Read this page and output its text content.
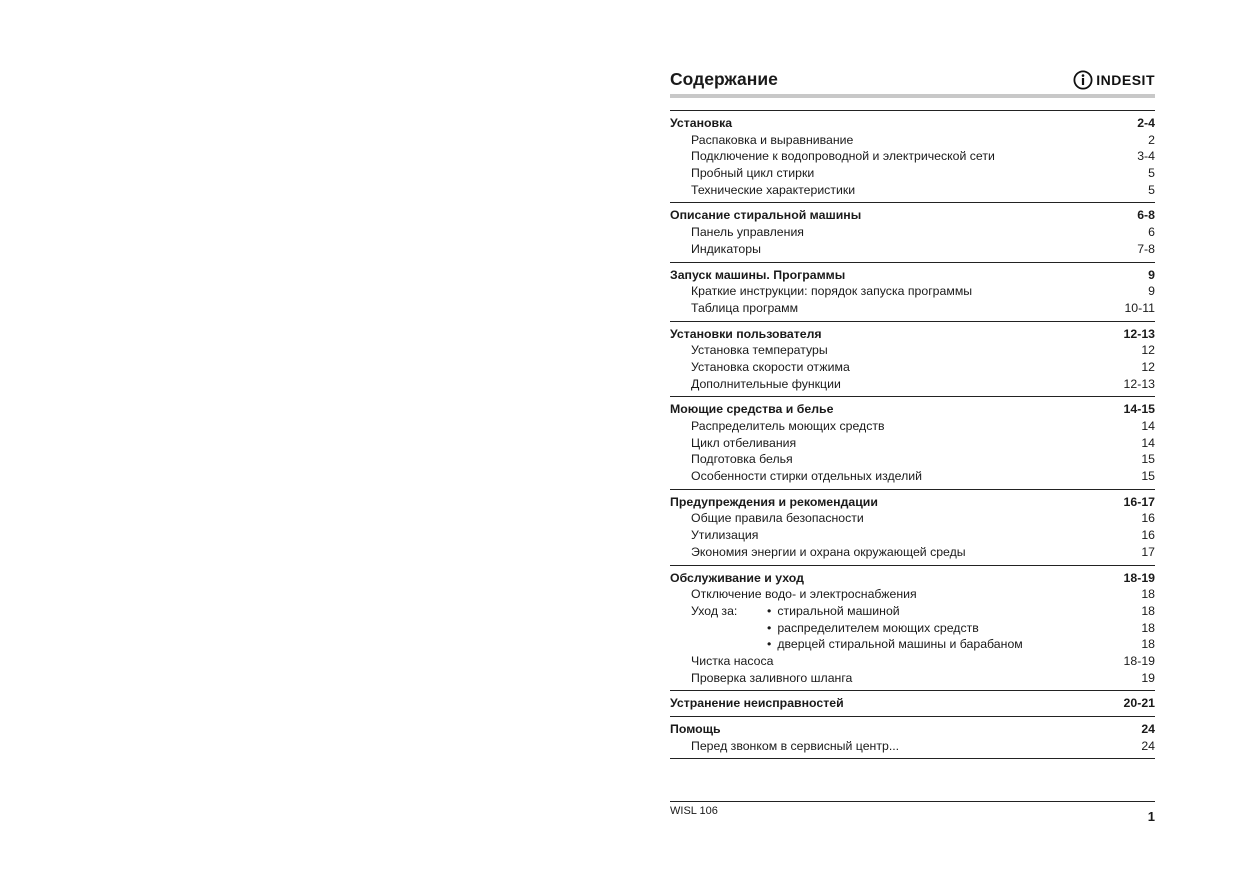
Содержание	INDESIT
Установка	2-4
Распаковка и выравнивание	2
Подключение к водопроводной и электрической сети	3-4
Пробный цикл стирки	5
Технические характеристики	5
Описание стиральной машины	6-8
Панель управления	6
Индикаторы	7-8
Запуск машины. Программы	9
Краткие инструкции: порядок запуска программы	9
Таблица программ	10-11
Установки пользователя	12-13
Установка температуры	12
Установка скорости отжима	12
Дополнительные функции	12-13
Моющие средства и белье	14-15
Распределитель моющих средств	14
Цикл отбеливания	14
Подготовка белья	15
Особенности стирки отдельных изделий	15
Предупреждения и рекомендации	16-17
Общие правила безопасности	16
Утилизация	16
Экономия энергии и охрана окружающей среды	17
Обслуживание и уход	18-19
Отключение водо- и электроснабжения	18
Уход за:	• стиральной машиной	18
• распределителем моющих средств	18
• дверцей стиральной машины и барабаном	18
Чистка насоса	18-19
Проверка заливного шланга	19
Устранение неисправностей	20-21
Помощь	24
Перед звонком в сервисный центр...	24
WISL 106	1
